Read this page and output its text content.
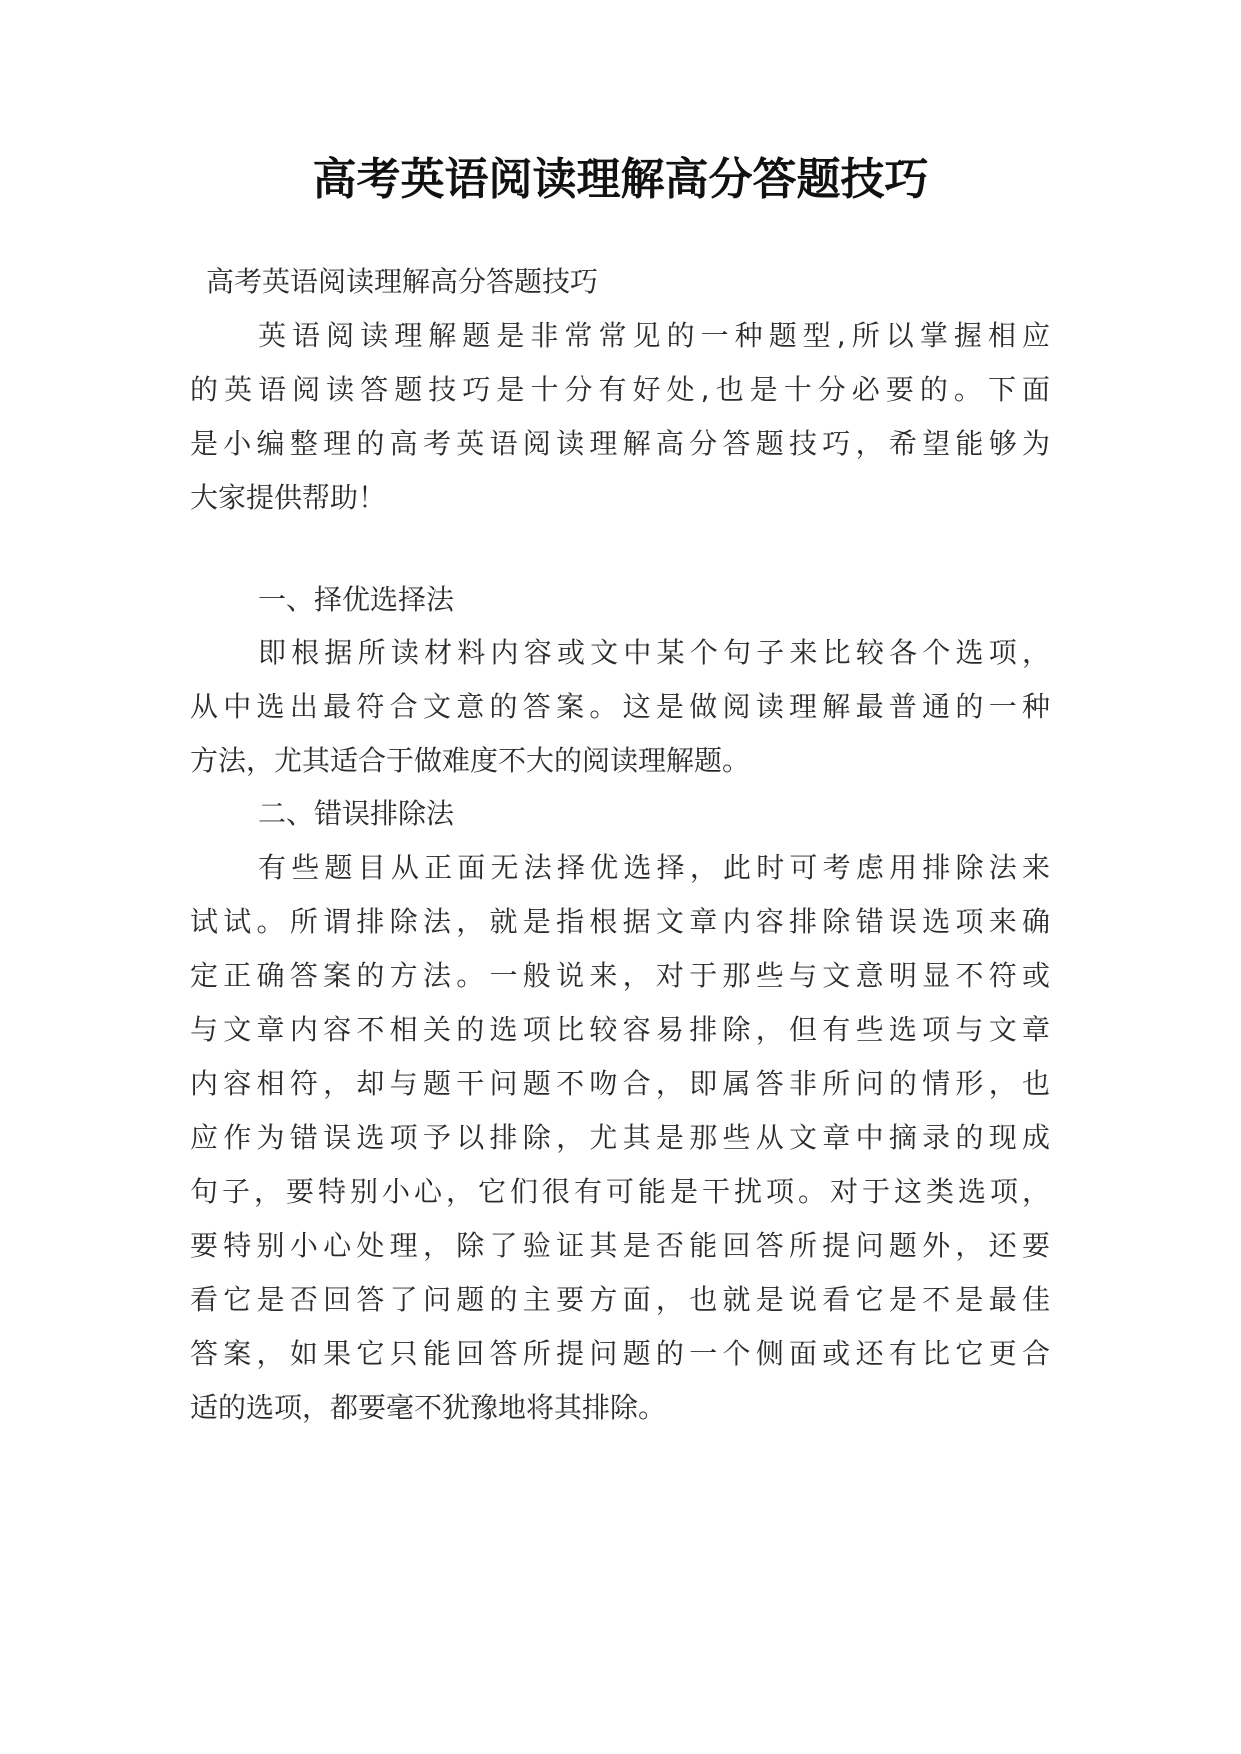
高考英语阅读理解高分答题技巧
高考英语阅读理解高分答题技巧
英语阅读理解题是非常常见的一种题型,所以掌握相应
的英语阅读答题技巧是十分有好处,也是十分必要的。下面
是小编整理的高考英语阅读理解高分答题技巧，希望能够为
大家提供帮助！
一、择优选择法
即根据所读材料内容或文中某个句子来比较各个选项，
从中选出最符合文意的答案。这是做阅读理解最普通的一种
方法，尤其适合于做难度不大的阅读理解题。
二、错误排除法
有些题目从正面无法择优选择，此时可考虑用排除法来
试试。所谓排除法，就是指根据文章内容排除错误选项来确
定正确答案的方法。一般说来，对于那些与文意明显不符或
与文章内容不相关的选项比较容易排除，但有些选项与文章
内容相符，却与题干问题不吻合，即属答非所问的情形，也
应作为错误选项予以排除，尤其是那些从文章中摘录的现成
句子，要特别小心，它们很有可能是干扰项。对于这类选项，
要特别小心处理，除了验证其是否能回答所提问题外，还要
看它是否回答了问题的主要方面，也就是说看它是不是最佳
答案，如果它只能回答所提问题的一个侧面或还有比它更合
适的选项，都要毫不犹豫地将其排除。
